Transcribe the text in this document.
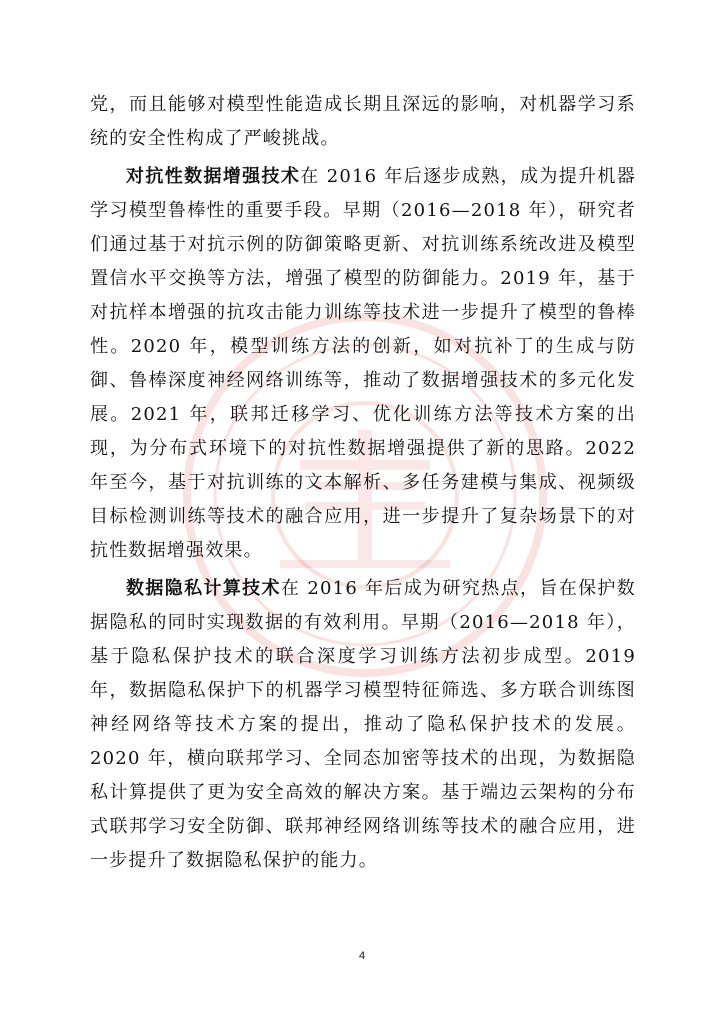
党，而且能够对模型性能造成长期且深远的影响，对机器学习系统的安全性构成了严峻挑战。

对抗性数据增强技术在 2016 年后逐步成熟，成为提升机器学习模型鲁棒性的重要手段。早期（2016—2018 年），研究者们通过基于对抗示例的防御策略更新、对抗训练系统改进及模型置信水平交换等方法，增强了模型的防御能力。2019 年，基于对抗样本增强的抗攻击能力训练等技术进一步提升了模型的鲁棒性。2020 年，模型训练方法的创新，如对抗补丁的生成与防御、鲁棒深度神经网络训练等，推动了数据增强技术的多元化发展。2021 年，联邦迁移学习、优化训练方法等技术方案的出现，为分布式环境下的对抗性数据增强提供了新的思路。2022 年至今，基于对抗训练的文本解析、多任务建模与集成、视频级目标检测训练等技术的融合应用，进一步提升了复杂场景下的对抗性数据增强效果。

数据隐私计算技术在 2016 年后成为研究热点，旨在保护数据隐私的同时实现数据的有效利用。早期（2016—2018 年），基于隐私保护技术的联合深度学习训练方法初步成型。2019 年，数据隐私保护下的机器学习模型特征筛选、多方联合训练图神经网络等技术方案的提出，推动了隐私保护技术的发展。2020 年，横向联邦学习、全同态加密等技术的出现，为数据隐私计算提供了更为安全高效的解决方案。基于端边云架构的分布式联邦学习安全防御、联邦神经网络训练等技术的融合应用，进一步提升了数据隐私保护的能力。

4
